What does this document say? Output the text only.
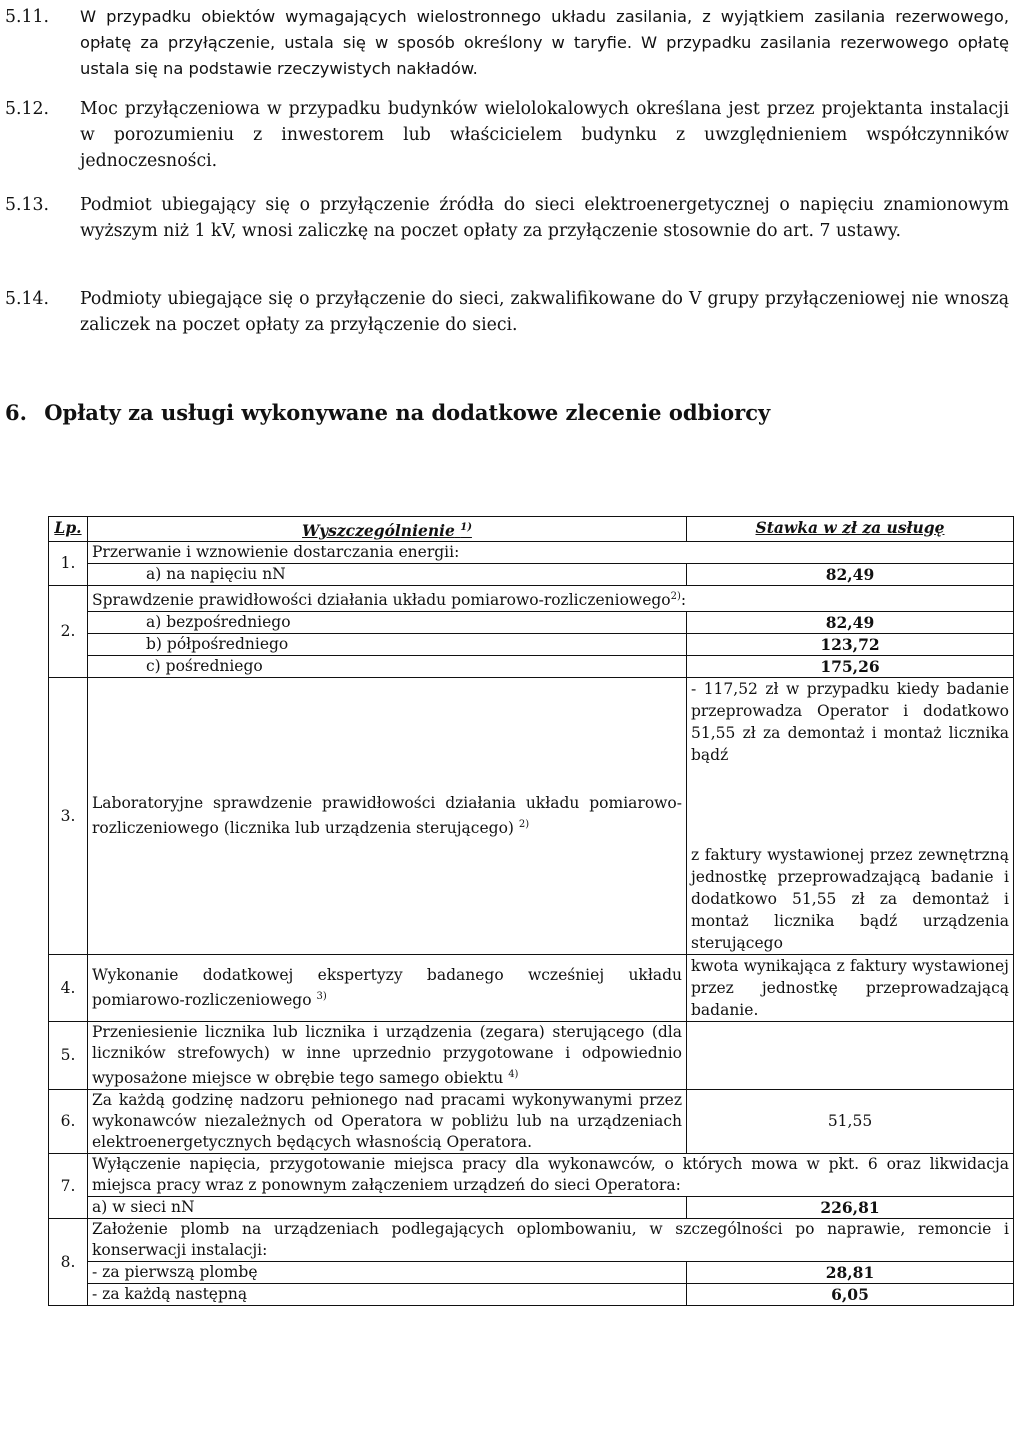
5.11. W przypadku obiektów wymagających wielostronnego układu zasilania, z wyjątkiem zasilania rezerwowego, opłatę za przyłączenie, ustala się w sposób określony w taryfie. W przypadku zasilania rezerwowego opłatę ustala się na podstawie rzeczywistych nakładów.
5.12. Moc przyłączeniowa w przypadku budynków wielolokalowych określana jest przez projektanta instalacji w porozumieniu z inwestorem lub właścicielem budynku z uwzględnieniem współczynników jednoczesności.
5.13. Podmiot ubiegający się o przyłączenie źródła do sieci elektroenergetycznej o napięciu znamionowym wyższym niż 1 kV, wnosi zaliczkę na poczet opłaty za przyłączenie stosownie do art. 7 ustawy.
5.14. Podmioty ubiegające się o przyłączenie do sieci, zakwalifikowane do V grupy przyłączeniowej nie wnoszą zaliczek na poczet opłaty za przyłączenie do sieci.
6. Opłaty za usługi wykonywane na dodatkowe zlecenie odbiorcy
Lp.	Wyszczególnienie $^{1)}$	Stawka w zł za usługę
1.	Przerwanie i wznowienie dostarczania energii:	
	a) na napięciu nN	82,49
2.	Sprawdzenie prawidłowości działania układu pomiarowo-rozliczeniowego$^{2)}$:	
	a) bezpośredniego	82,49
	b) półpośredniego	123,72
	c) pośredniego	175,26
3.	Laboratoryjne sprawdzenie prawidłowości działania układu pomiarowo-rozliczeniowego (licznika lub urządzenia sterującego) $^{2)}$	- 117,52 zł w przypadku kiedy badanie przeprowadza Operator i dodatkowo 51,55 zł za demontaż i montaż licznika bądź
z faktury wystawionej przez zewnętrzną jednostkę przeprowadzającą badanie i dodatkowo 51,55 zł za demontaż i montaż licznika bądź urządzenia sterującego

4.	Wykonanie dodatkowej ekspertyzy badanego wcześniej układu pomiarowo-rozliczeniowego $^{3)}$	kwota wynikająca z faktury wystawionej przez jednostkę przeprowadzającą badanie.
5.	Przeniesienie licznika lub licznika i urządzenia (zegara) sterującego (dla liczników strefowych) w inne uprzednio przygotowane i odpowiednio wyposażone miejsce w obrębie tego samego obiektu $^{4)}$	
6.	Za każdą godzinę nadzoru pełnionego nad pracami wykonywanymi przez wykonawców niezależnych od Operatora w pobliżu lub na urządzeniach elektroenergetycznych będących własnością Operatora.	51,55
7.	Wyłączenie napięcia, przygotowanie miejsca pracy dla wykonawców, o których mowa w pkt. 6 oraz likwidacja miejsca pracy wraz z ponownym załączeniem urządzeń do sieci Operatora:	
	a) w sieci nN	226,81
8.	Założenie plomb na urządzeniach podlegających oplombowaniu, w szczególności po naprawie, remoncie i konserwacji instalacji:	
	- za pierwszą plombę	28,81
	- za każdą następną	6,05
